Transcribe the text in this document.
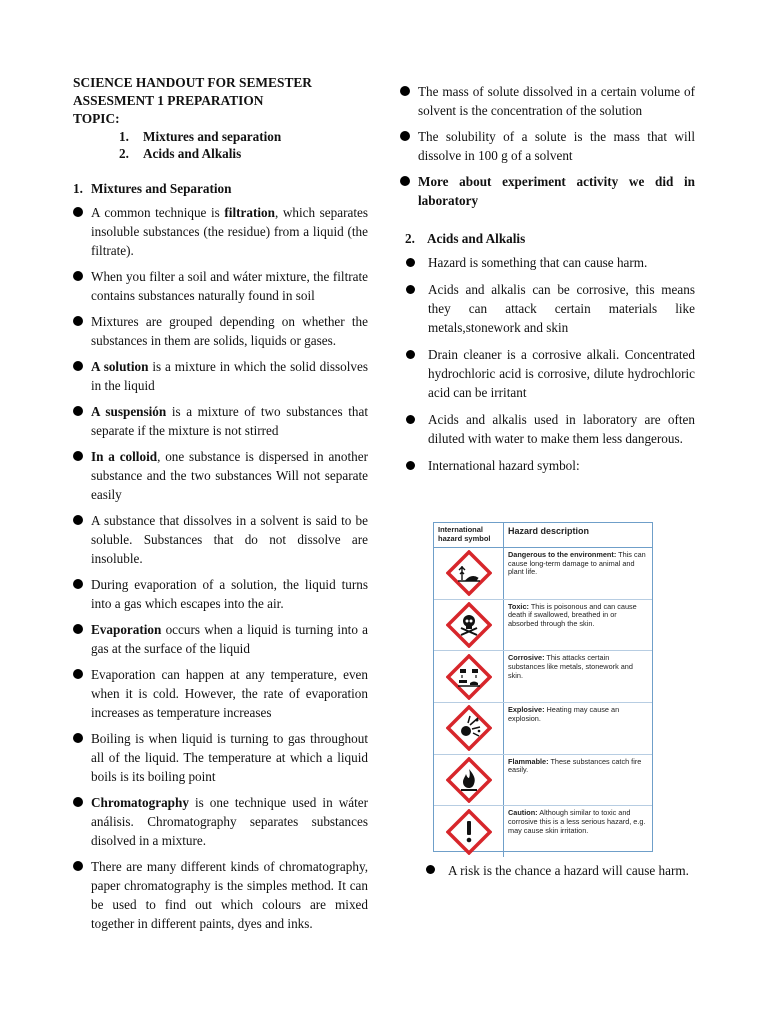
SCIENCE HANDOUT FOR SEMESTER

ASSESMENT 1 PREPARATION

TOPIC:

1. Mixtures and separation
2. Acids and Alkalis
1. Mixtures and Separation

A common technique is filtration, which separates insoluble substances (the residue) from a liquid (the filtrate).

When you filter a soil and wáter mixture, the filtrate contains substances naturally found in soil

Mixtures are grouped depending on whether the substances in them are solids, liquids or gases.

A solution is a mixture in which the solid dissolves in the liquid

A suspensión is a mixture of two substances that separate if the mixture is not stirred

In a colloid, one substance is dispersed in another substance and the two substances Will not separate easily

A substance that dissolves in a solvent is said to be soluble. Substances that do not dissolve are insoluble.

During evaporation of a solution, the liquid turns into a gas which escapes into the air.

Evaporation occurs when a liquid is turning into a gas at the surface of the liquid

Evaporation can happen at any temperature, even when it is cold. However, the rate of evaporation increases as temperature increases

Boiling is when liquid is turning to gas throughout all of the liquid. The temperature at which a liquid boils is its boiling point

Chromatography is one technique used in wáter análisis. Chromatography separates substances disolved in a mixture.

There are many different kinds of chromatography, paper chromatography is the simples method. It can be used to find out which colours are mixed together in different paints, dyes and inks.

The mass of solute dissolved in a certain volume of solvent is the concentration of the solution

The solubility of a solute is the mass that will dissolve in 100 g of a solvent

More about experiment activity we did in laboratory

2. Acids and Alkalis

Hazard is something that can cause harm.

Acids and alkalis can be corrosive, this means they can attack certain materials like metals,stonework and skin

Drain cleaner is a corrosive alkali. Concentrated hydrochloric acid is corrosive, dilute hydrochloric acid can be irritant

Acids and alkalis used in laboratory are often diluted with water to make them less dangerous.

International hazard symbol:

International hazard symbol
Hazard description
Dangerous to the environment: This can cause long-term damage to animal and plant life.
Toxic: This is poisonous and can cause death if swallowed, breathed in or absorbed through the skin.
Corrosive: This attacks certain substances like metals, stonework and skin.
Explosive: Heating may cause an explosion.
Flammable: These substances catch fire easily.
Caution: Although similar to toxic and corrosive this is a less serious hazard, e.g. may cause skin irritation.

A risk is the chance a hazard will cause harm.
